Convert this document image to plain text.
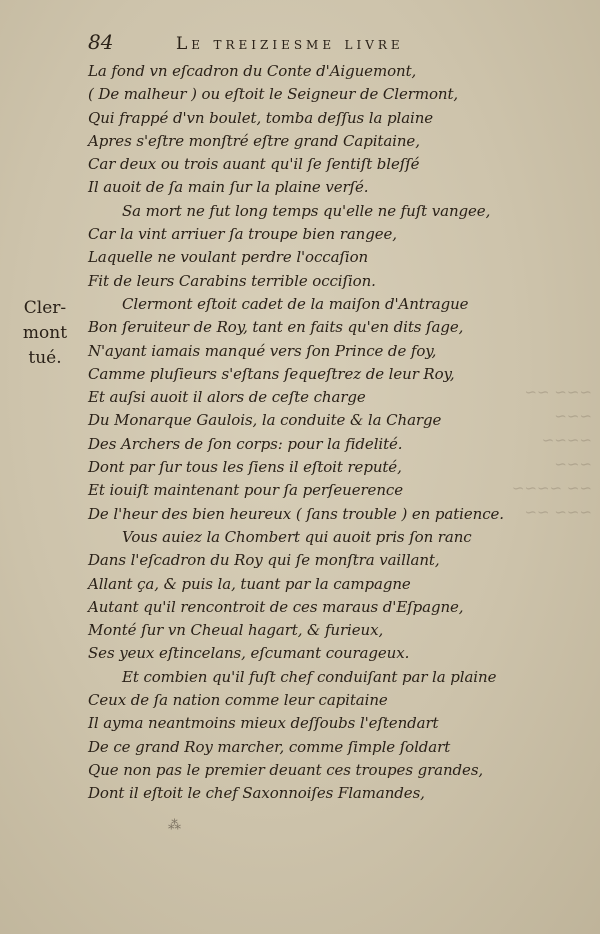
~~~ ~~ ~~~
~~~~ ~~~
~~ ~~~~
~~~ ~~
84	Le treiziesme livre
Cler-
mont
tué.
La fond vn eſcadron du Conte d'Aiguemont,
( De malheur ) ou eſtoit le Seigneur de Clermont,
Qui frappé d'vn boulet, tomba deſſus la plaine
Apres s'eſtre monſtré eſtre grand Capitaine,
Car deux ou trois auant qu'il ſe ſentiſt bleſſé
Il auoit de ſa main ſur la plaine verſé.
Sa mort ne fut long temps qu'elle ne fuſt vangee,
Car la vint arriuer ſa troupe bien rangee,
Laquelle ne voulant perdre l'occaſion
Fit de leurs Carabins terrible occiſion.
Clermont eſtoit cadet de la maiſon d'Antrague
Bon ſeruiteur de Roy, tant en faits qu'en dits ſage,
N'ayant iamais manqué vers ſon Prince de foy,
Camme pluſieurs s'eſtans ſequeſtrez de leur Roy,
Et auſsi auoit il alors de ceſte charge
Du Monarque Gaulois, la conduite & la Charge
Des Archers de ſon corps: pour la fidelité.
Dont par ſur tous les ſiens il eſtoit reputé,
Et iouiſt maintenant pour ſa perſeuerence
De l'heur des bien heureux ( ſans trouble ) en patience.
Vous auiez la Chombert qui auoit pris ſon ranc
Dans l'eſcadron du Roy qui ſe monſtra vaillant,
Allant ça, & puis la, tuant par la campagne
Autant qu'il rencontroit de ces maraus d'Eſpagne,
Monté ſur vn Cheual hagart, & furieux,
Ses yeux eſtincelans, eſcumant courageux.
Et combien qu'il fuſt chef conduiſant par la plaine
Ceux de ſa nation comme leur capitaine
Il ayma neantmoins mieux deſſoubs l'eſtendart
De ce grand Roy marcher, comme ſimple ſoldart
Que non pas le premier deuant ces troupes grandes,
Dont il eſtoit le chef Saxonnoiſes Flamandes,
⁂
